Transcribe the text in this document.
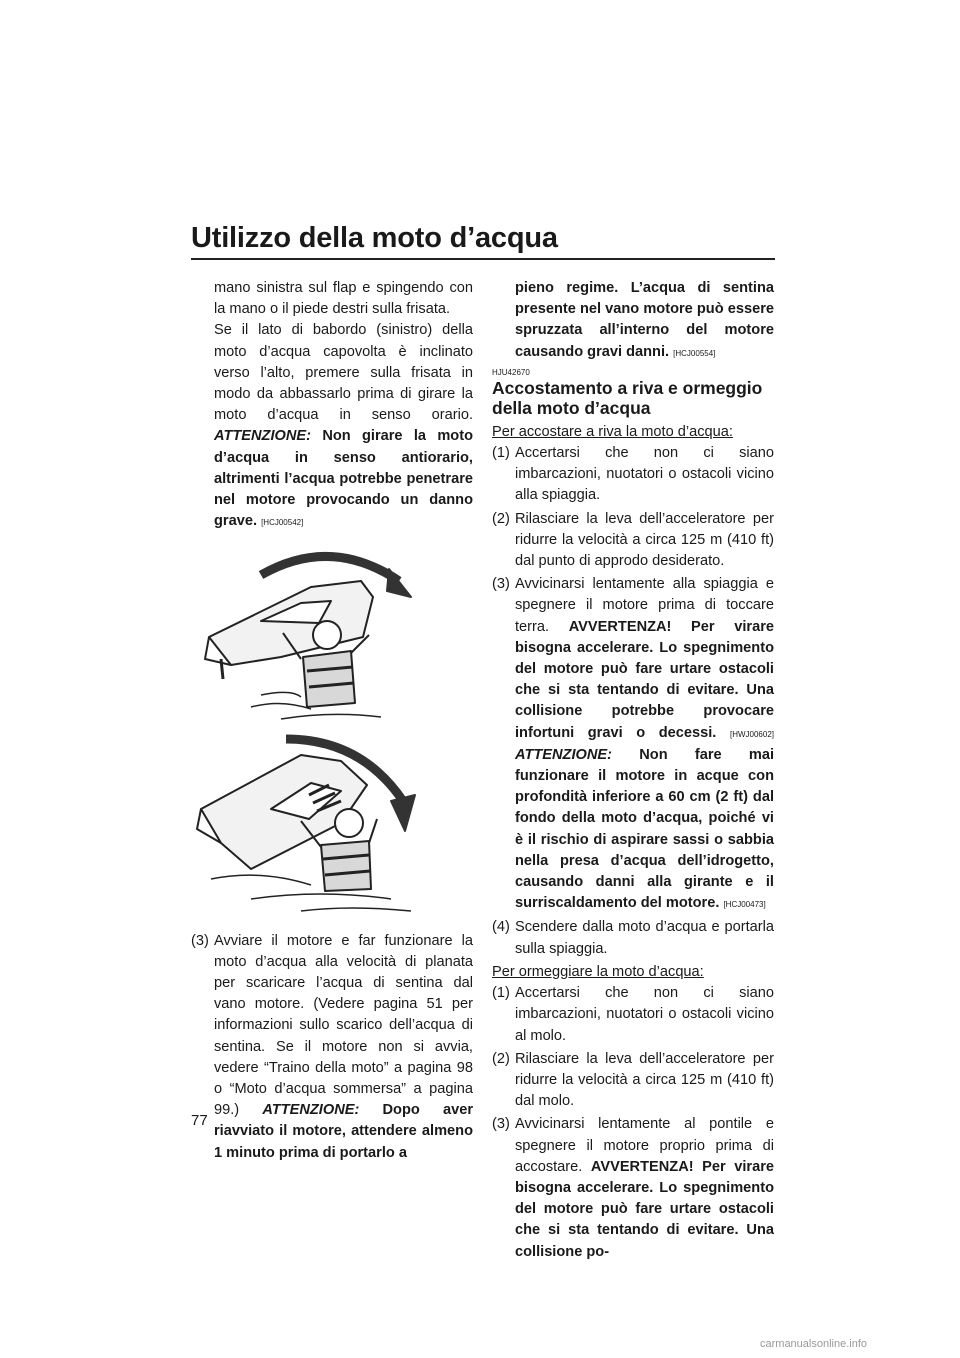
Utilizzo della moto d’acqua

mano sinistra sul flap e spingendo con la mano o il piede destri sulla frisata.

Se il lato di babordo (sinistro) della moto d’acqua capovolta è inclinato verso l’alto, premere sulla frisata in modo da abbassarlo prima di girare la moto d’acqua in senso orario. ATTENZIONE: Non girare la moto d’acqua in senso antiorario, altrimenti l’acqua potrebbe penetrare nel motore provocando un danno grave. [HCJ00542]

(3) Avviare il motore e far funzionare la moto d’acqua alla velocità di planata per scaricare l’acqua di sentina dal vano motore. (Vedere pagina 51 per informazioni sullo scarico dell’acqua di sentina. Se il motore non si avvia, vedere “Traino della moto” a pagina 98 o “Moto d’acqua sommersa” a pagina 99.) ATTENZIONE: Dopo aver riavviato il motore, attendere almeno 1 minuto prima di portarlo a

pieno regime. L’acqua di sentina presente nel vano motore può essere spruzzata all’interno del motore causando gravi danni. [HCJ00554]

HJU42670
Accostamento a riva e ormeggio della moto d’acqua

Per accostare a riva la moto d’acqua:

(1) Accertarsi che non ci siano imbarcazioni, nuotatori o ostacoli vicino alla spiaggia.
(2) Rilasciare la leva dell’acceleratore per ridurre la velocità a circa 125 m (410 ft) dal punto di approdo desiderato.
(3) Avvicinarsi lentamente alla spiaggia e spegnere il motore prima di toccare terra. AVVERTENZA! Per virare bisogna accelerare. Lo spegnimento del motore può fare urtare ostacoli che si sta tentando di evitare. Una collisione potrebbe provocare infortuni gravi o decessi. [HWJ00602] ATTENZIONE: Non fare mai funzionare il motore in acque con profondità inferiore a 60 cm (2 ft) dal fondo della moto d’acqua, poiché vi è il rischio di aspirare sassi o sabbia nella presa d’acqua dell’idrogetto, causando danni alla girante e il surriscaldamento del motore. [HCJ00473]
(4) Scendere dalla moto d’acqua e portarla sulla spiaggia.

Per ormeggiare la moto d’acqua:

(1) Accertarsi che non ci siano imbarcazioni, nuotatori o ostacoli vicino al molo.
(2) Rilasciare la leva dell’acceleratore per ridurre la velocità a circa 125 m (410 ft) dal molo.
(3) Avvicinarsi lentamente al pontile e spegnere il motore proprio prima di accostare. AVVERTENZA! Per virare bisogna accelerare. Lo spegnimento del motore può fare urtare ostacoli che si sta tentando di evitare. Una collisione po-
77
carmanualsonline.info
